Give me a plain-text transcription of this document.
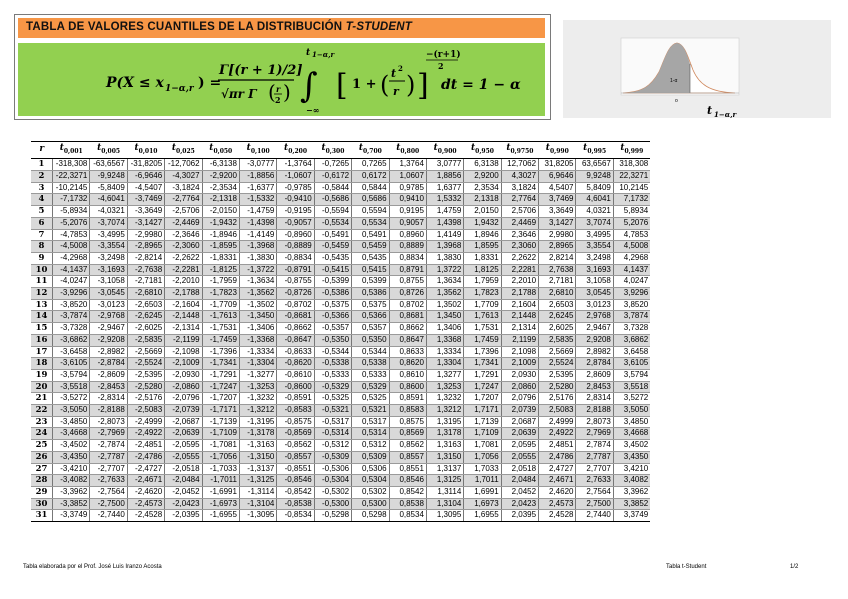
TABLA DE VALORES CUANTILES DE LA DISTRIBUCIÓN T-STUDENT
P(X ≤ x 1−α,r ) =
Γ[(r + 1)/2]
√πr Γ ( r
2 ) ∫
t 1−α,r
−∞
[ 1 + ( t 2
r ) ]
−(r+1)
2
dt = 1 − α	1-α
o
t 1−α,r
r	$t_{0,001}$	$t_{0,005}$	$t_{0,010}$	$t_{0,025}$	$t_{0,050}$	$t_{0,100}$	$t_{0,200}$	$t_{0,300}$	$t_{0,700}$	$t_{0,800}$	$t_{0,900}$	$t_{0,950}$	$t_{0,9750}$	$t_{0,990}$	$t_{0,995}$	$t_{0,999}$
1	-318,308	-63,6567	-31,8205	-12,7062	-6,3138	-3,0777	-1,3764	-0,7265	0,7265	1,3764	3,0777	6,3138	12,7062	31,8205	63,6567	318,308
2	-22,3271	-9,9248	-6,9646	-4,3027	-2,9200	-1,8856	-1,0607	-0,6172	0,6172	1,0607	1,8856	2,9200	4,3027	6,9646	9,9248	22,3271
3	-10,2145	-5,8409	-4,5407	-3,1824	-2,3534	-1,6377	-0,9785	-0,5844	0,5844	0,9785	1,6377	2,3534	3,1824	4,5407	5,8409	10,2145
4	-7,1732	-4,6041	-3,7469	-2,7764	-2,1318	-1,5332	-0,9410	-0,5686	0,5686	0,9410	1,5332	2,1318	2,7764	3,7469	4,6041	7,1732
5	-5,8934	-4,0321	-3,3649	-2,5706	-2,0150	-1,4759	-0,9195	-0,5594	0,5594	0,9195	1,4759	2,0150	2,5706	3,3649	4,0321	5,8934
6	-5,2076	-3,7074	-3,1427	-2,4469	-1,9432	-1,4398	-0,9057	-0,5534	0,5534	0,9057	1,4398	1,9432	2,4469	3,1427	3,7074	5,2076
7	-4,7853	-3,4995	-2,9980	-2,3646	-1,8946	-1,4149	-0,8960	-0,5491	0,5491	0,8960	1,4149	1,8946	2,3646	2,9980	3,4995	4,7853
8	-4,5008	-3,3554	-2,8965	-2,3060	-1,8595	-1,3968	-0,8889	-0,5459	0,5459	0,8889	1,3968	1,8595	2,3060	2,8965	3,3554	4,5008
9	-4,2968	-3,2498	-2,8214	-2,2622	-1,8331	-1,3830	-0,8834	-0,5435	0,5435	0,8834	1,3830	1,8331	2,2622	2,8214	3,2498	4,2968
10	-4,1437	-3,1693	-2,7638	-2,2281	-1,8125	-1,3722	-0,8791	-0,5415	0,5415	0,8791	1,3722	1,8125	2,2281	2,7638	3,1693	4,1437
11	-4,0247	-3,1058	-2,7181	-2,2010	-1,7959	-1,3634	-0,8755	-0,5399	0,5399	0,8755	1,3634	1,7959	2,2010	2,7181	3,1058	4,0247
12	-3,9296	-3,0545	-2,6810	-2,1788	-1,7823	-1,3562	-0,8726	-0,5386	0,5386	0,8726	1,3562	1,7823	2,1788	2,6810	3,0545	3,9296
13	-3,8520	-3,0123	-2,6503	-2,1604	-1,7709	-1,3502	-0,8702	-0,5375	0,5375	0,8702	1,3502	1,7709	2,1604	2,6503	3,0123	3,8520
14	-3,7874	-2,9768	-2,6245	-2,1448	-1,7613	-1,3450	-0,8681	-0,5366	0,5366	0,8681	1,3450	1,7613	2,1448	2,6245	2,9768	3,7874
15	-3,7328	-2,9467	-2,6025	-2,1314	-1,7531	-1,3406	-0,8662	-0,5357	0,5357	0,8662	1,3406	1,7531	2,1314	2,6025	2,9467	3,7328
16	-3,6862	-2,9208	-2,5835	-2,1199	-1,7459	-1,3368	-0,8647	-0,5350	0,5350	0,8647	1,3368	1,7459	2,1199	2,5835	2,9208	3,6862
17	-3,6458	-2,8982	-2,5669	-2,1098	-1,7396	-1,3334	-0,8633	-0,5344	0,5344	0,8633	1,3334	1,7396	2,1098	2,5669	2,8982	3,6458
18	-3,6105	-2,8784	-2,5524	-2,1009	-1,7341	-1,3304	-0,8620	-0,5338	0,5338	0,8620	1,3304	1,7341	2,1009	2,5524	2,8784	3,6105
19	-3,5794	-2,8609	-2,5395	-2,0930	-1,7291	-1,3277	-0,8610	-0,5333	0,5333	0,8610	1,3277	1,7291	2,0930	2,5395	2,8609	3,5794
20	-3,5518	-2,8453	-2,5280	-2,0860	-1,7247	-1,3253	-0,8600	-0,5329	0,5329	0,8600	1,3253	1,7247	2,0860	2,5280	2,8453	3,5518
21	-3,5272	-2,8314	-2,5176	-2,0796	-1,7207	-1,3232	-0,8591	-0,5325	0,5325	0,8591	1,3232	1,7207	2,0796	2,5176	2,8314	3,5272
22	-3,5050	-2,8188	-2,5083	-2,0739	-1,7171	-1,3212	-0,8583	-0,5321	0,5321	0,8583	1,3212	1,7171	2,0739	2,5083	2,8188	3,5050
23	-3,4850	-2,8073	-2,4999	-2,0687	-1,7139	-1,3195	-0,8575	-0,5317	0,5317	0,8575	1,3195	1,7139	2,0687	2,4999	2,8073	3,4850
24	-3,4668	-2,7969	-2,4922	-2,0639	-1,7109	-1,3178	-0,8569	-0,5314	0,5314	0,8569	1,3178	1,7109	2,0639	2,4922	2,7969	3,4668
25	-3,4502	-2,7874	-2,4851	-2,0595	-1,7081	-1,3163	-0,8562	-0,5312	0,5312	0,8562	1,3163	1,7081	2,0595	2,4851	2,7874	3,4502
26	-3,4350	-2,7787	-2,4786	-2,0555	-1,7056	-1,3150	-0,8557	-0,5309	0,5309	0,8557	1,3150	1,7056	2,0555	2,4786	2,7787	3,4350
27	-3,4210	-2,7707	-2,4727	-2,0518	-1,7033	-1,3137	-0,8551	-0,5306	0,5306	0,8551	1,3137	1,7033	2,0518	2,4727	2,7707	3,4210
28	-3,4082	-2,7633	-2,4671	-2,0484	-1,7011	-1,3125	-0,8546	-0,5304	0,5304	0,8546	1,3125	1,7011	2,0484	2,4671	2,7633	3,4082
29	-3,3962	-2,7564	-2,4620	-2,0452	-1,6991	-1,3114	-0,8542	-0,5302	0,5302	0,8542	1,3114	1,6991	2,0452	2,4620	2,7564	3,3962
30	-3,3852	-2,7500	-2,4573	-2,0423	-1,6973	-1,3104	-0,8538	-0,5300	0,5300	0,8538	1,3104	1,6973	2,0423	2,4573	2,7500	3,3852
31	-3,3749	-2,7440	-2,4528	-2,0395	-1,6955	-1,3095	-0,8534	-0,5298	0,5298	0,8534	1,3095	1,6955	2,0395	2,4528	2,7440	3,3749
Tabla elaborada por el Prof. José Luis Iranzo Acosta	Tabla t-Student	1/2
